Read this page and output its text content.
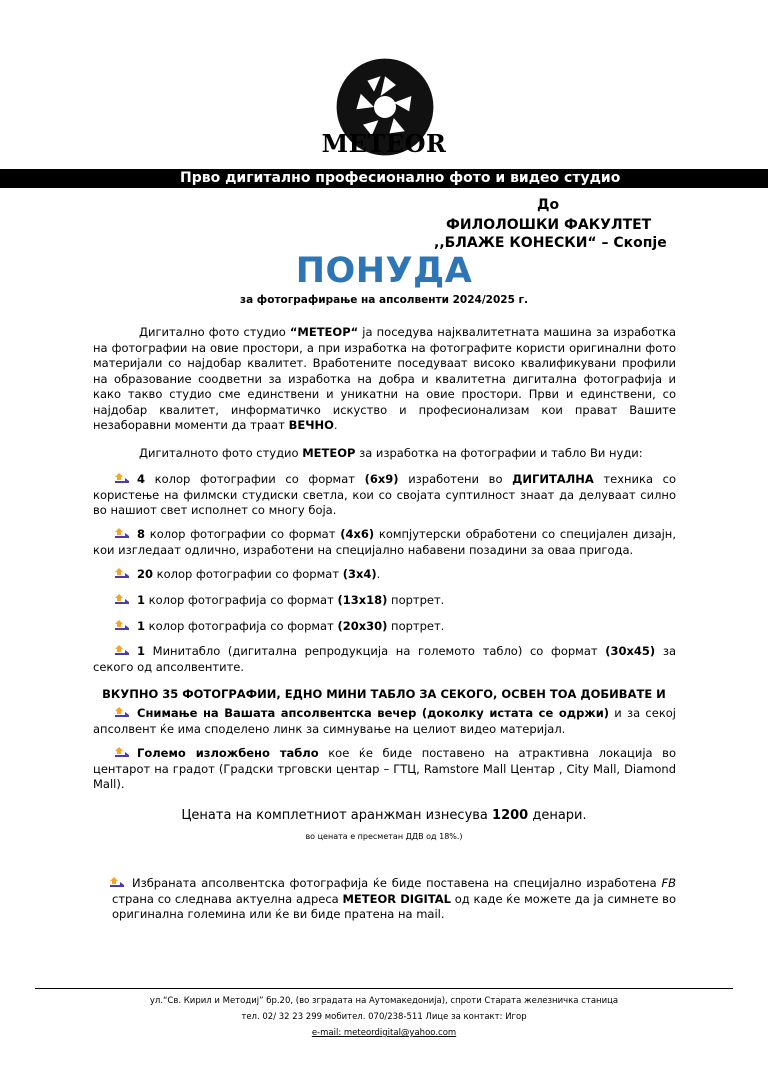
METEOR
Прво дигитално професионално фото и видео студио
До
ФИЛОЛОШКИ ФАКУЛТЕТ
,,БЛАЖЕ КОНЕСКИ“ – Скопје
ПОНУДА
за фотографирање на апсолвенти 2024/2025 г.
Дигитално фото студио “МЕТЕОР“ ја поседува најквалитетната машина за изработка на фотографии на овие простори, а при изработка на фотографите користи оригинални фото материјали со најдобар квалитет. Вработените поседуваат високо квалификувани профили на образование соодветни за изработка на добра и квалитетна дигитална фотографија и како такво студио сме единствени и уникатни на овие простори. Први и единствени, со најдобар квалитет, информатичко искуство и професионализам кои прават Вашите незаборавни моменти да траат ВЕЧНО.
Дигиталното фото студио МЕТЕОР за изработка на фотографии и табло Ви нуди:
4 колор фотографии со формат (6x9) изработени во ДИГИТАЛНА техника со користење на филмски студиски светла, кои со својата суптилност знаат да делуваат силно во нашиот свет исполнет со многу боја.
8 колор фотографии со формат (4x6) компјутерски обработени со специјален дизајн, кои изгледаат одлично, изработени на специјално набавени позадини за оваа пригода.
20 колор фотографии со формат (3x4).
1 колор фотографија со формат (13x18) портрет.
1 колор фотографија со формат (20x30) портрет.
1 Минитабло (дигитална репродукција на големото табло) со формат (30x45) за секого од апсолвентите.
ВКУПНО 35 ФОТОГРАФИИ, ЕДНО МИНИ ТАБЛО ЗА СЕКОГО, ОСВЕН ТОА ДОБИВАТЕ И
Снимање на Вашата апсолвентска вечер (доколку истата се одржи) и за секој апсолвент ќе има споделено линк за симнување на целиот видео материјал.
Големо изложбено табло кое ќе биде поставено на атрактивна локација во центарот на градот (Градски трговски центар – ГТЦ, Ramstore Mall Центар , City Mall, Diamond Mall).
Цената на комплетниот аранжман изнесува 1200 денари.
во цената е пресметан ДДВ од 18%.)
Избраната апсолвентска фотографија ќе биде поставена на специјално изработена FB страна со следнава актуелна адреса METEOR DIGITAL од каде ќе можете да ја симнете во оригинална големина или ќе ви биде пратена на mail.
ул.“Св. Кирил и Методиј” бр.20, (во зградата на Аутомакедонија), спроти Старата железничка станица
тел. 02/ 32 23 299 мобител. 070/238-511 Лице за контакт: Игор
e-mail: meteordigital@yahoo.com
